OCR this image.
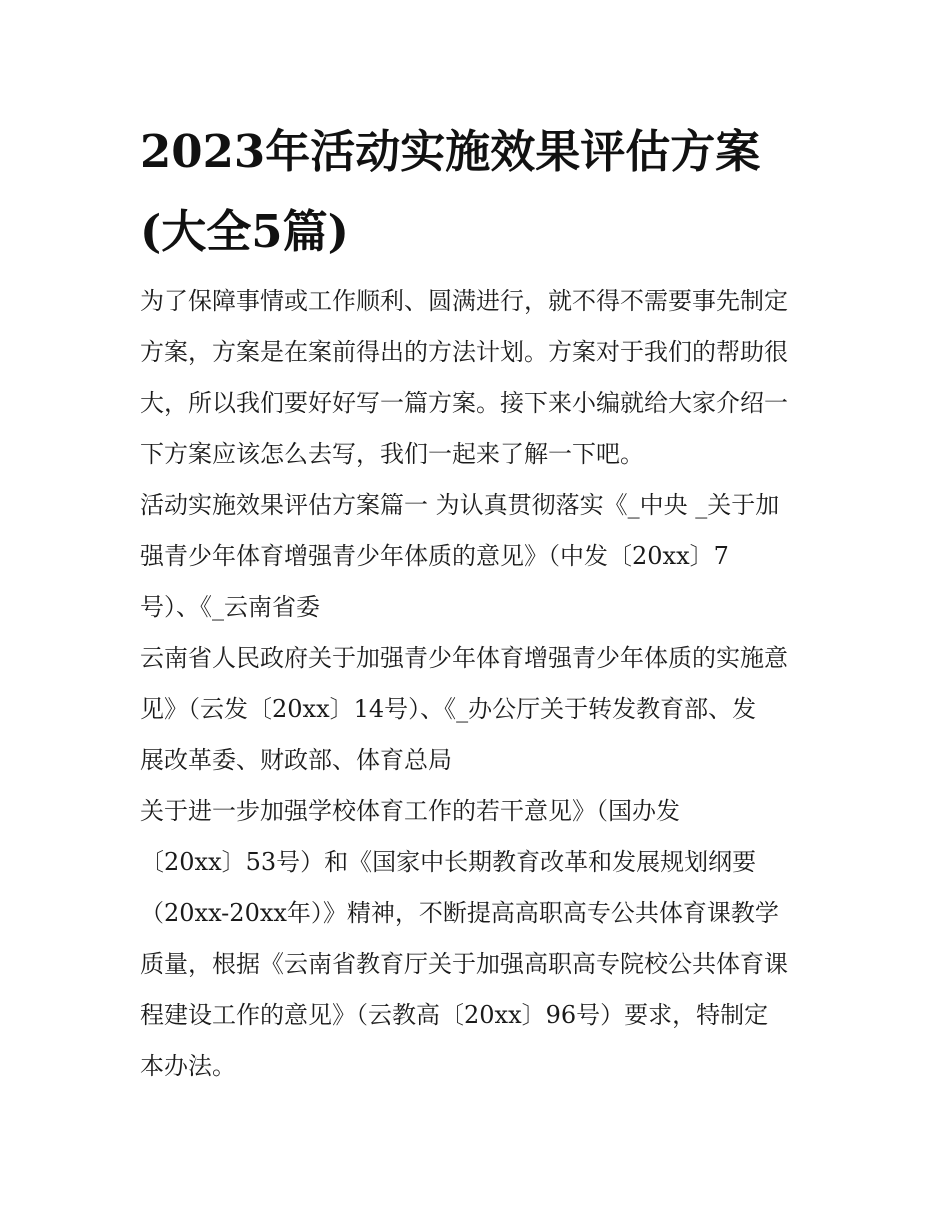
2023年活动实施效果评估方案
(大全5篇)
为了保障事情或工作顺利、圆满进行，就不得不需要事先制定
方案，方案是在案前得出的方法计划。方案对于我们的帮助很
大，所以我们要好好写一篇方案。接下来小编就给大家介绍一
下方案应该怎么去写，我们一起来了解一下吧。
活动实施效果评估方案篇一 为认真贯彻落实《_中央 _关于加
强青少年体育增强青少年体质的意见》（中发〔20xx〕7
号）、《_云南省委
云南省人民政府关于加强青少年体育增强青少年体质的实施意
见》（云发〔20xx〕14号）、《_办公厅关于转发教育部、发
展改革委、财政部、体育总局
关于进一步加强学校体育工作的若干意见》（国办发
〔20xx〕53号）和《国家中长期教育改革和发展规划纲要
（20xx-20xx年）》精神，不断提高高职高专公共体育课教学
质量，根据《云南省教育厅关于加强高职高专院校公共体育课
程建设工作的意见》（云教高〔20xx〕96号）要求，特制定
本办法。
